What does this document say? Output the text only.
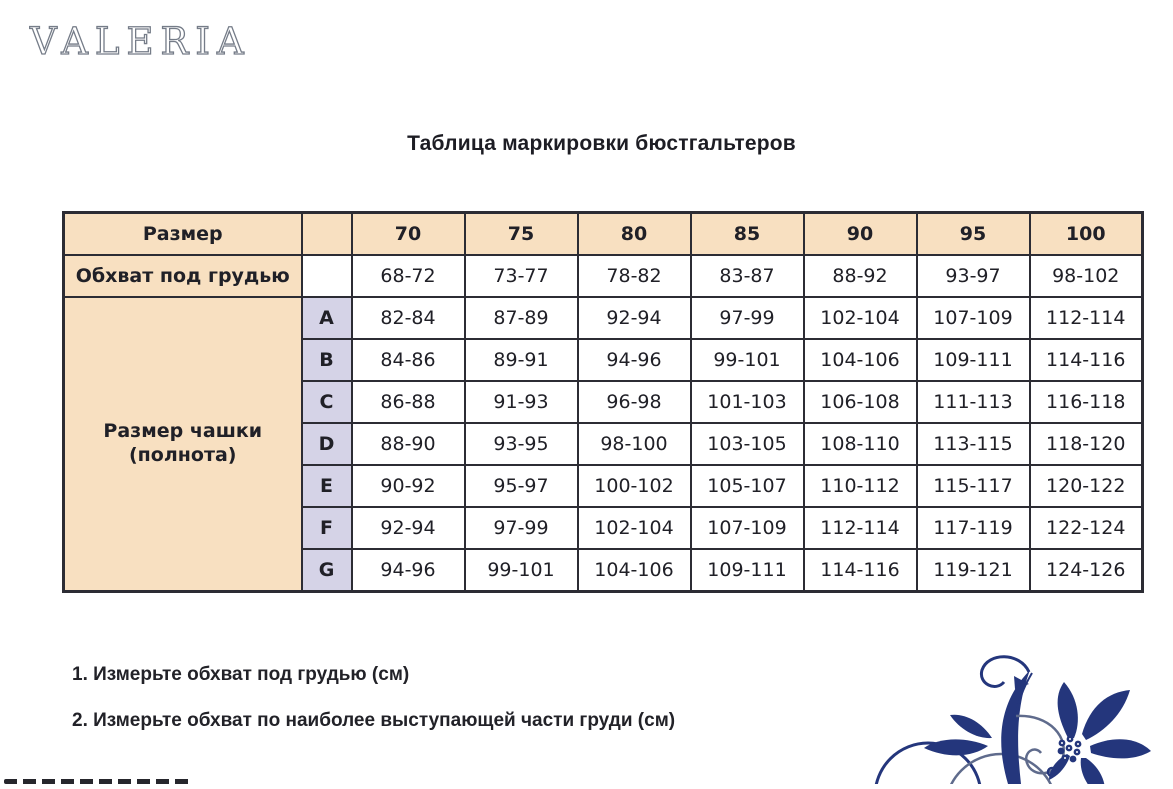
VALERIA
Таблица маркировки бюстгальтеров
Размер		70	75	80	85	90	95	100
Обхват под грудью		68-72	73-77	78-82	83-87	88-92	93-97	98-102

Размер чашки
(полнота)	A	82-84	87-89	92-94	97-99	102-104	107-109	112-114
	B	84-86	89-91	94-96	99-101	104-106	109-111	114-116
	C	86-88	91-93	96-98	101-103	106-108	111-113	116-118
	D	88-90	93-95	98-100	103-105	108-110	113-115	118-120
	E	90-92	95-97	100-102	105-107	110-112	115-117	120-122
	F	92-94	97-99	102-104	107-109	112-114	117-119	122-124
	G	94-96	99-101	104-106	109-111	114-116	119-121	124-126

1. Измерьте обхват под грудью (см)

2. Измерьте обхват по наиболее выступающей части груди (см)
